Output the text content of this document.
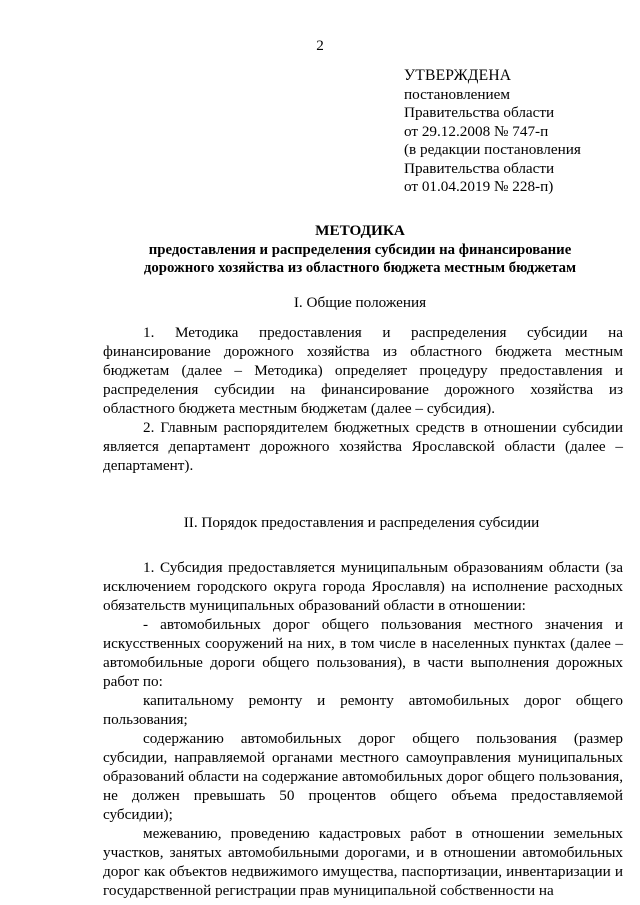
2
УТВЕРЖДЕНА
постановлением
Правительства области
от 29.12.2008 № 747-п
(в редакции постановления
Правительства области
от 01.04.2019 № 228-п)
МЕТОДИКА
предоставления и распределения субсидии на финансирование
дорожного хозяйства из областного бюджета местным бюджетам
I. Общие положения

1. Методика предоставления и распределения субсидии на финансирование дорожного хозяйства из областного бюджета местным бюджетам (далее – Методика) определяет процедуру предоставления и распределения субсидии на финансирование дорожного хозяйства из областного бюджета местным бюджетам (далее – субсидия).

2. Главным распорядителем бюджетных средств в отношении субсидии является департамент дорожного хозяйства Ярославской области (далее – департамент).

II. Порядок предоставления и распределения субсидии

1. Субсидия предоставляется муниципальным образованиям области (за исключением городского округа города Ярославля) на исполнение расходных обязательств муниципальных образований области в отношении:

- автомобильных дорог общего пользования местного значения и искусственных сооружений на них, в том числе в населенных пунктах (далее – автомобильные дороги общего пользования), в части выполнения дорожных работ по:

капитальному ремонту и ремонту автомобильных дорог общего пользования;

содержанию автомобильных дорог общего пользования (размер субсидии, направляемой органами местного самоуправления муниципальных образований области на содержание автомобильных дорог общего пользования, не должен превышать 50 процентов общего объема предоставляемой субсидии);

межеванию, проведению кадастровых работ в отношении земельных участков, занятых автомобильными дорогами, и в отношении автомобильных дорог как объектов недвижимого имущества, паспортизации, инвентаризации и государственной регистрации прав муниципальной собственности на
